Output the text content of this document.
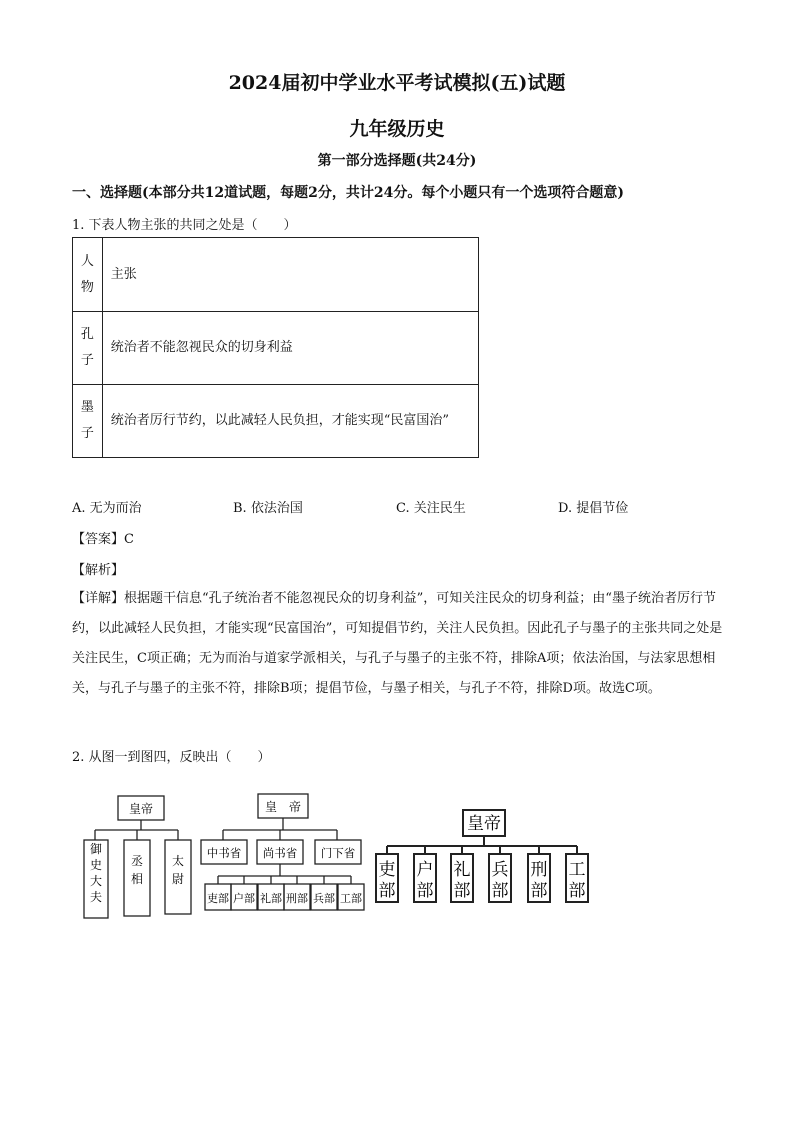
2024届初中学业水平考试模拟(五)试题
九年级历史
第一部分选择题(共24分)
一、选择题(本部分共12道试题，每题2分，共计24分。每个小题只有一个选项符合题意)
1. 下表人物主张的共同之处是（　　）
人
物	主张
孔
子	统治者不能忽视民众的切身利益
墨
子	统治者厉行节约，以此减轻人民负担，才能实现“民富国治”
A. 无为而治	B. 依法治国	C. 关注民生	D. 提倡节俭
【答案】C
【解析】
【详解】根据题干信息“孔子统治者不能忽视民众的切身利益”，可知关注民众的切身利益；由“墨子统治者厉行节约，以此减轻人民负担，才能实现“民富国治”，可知提倡节约，关注人民负担。因此孔子与墨子的主张共同之处是关注民生，C项正确；无为而治与道家学派相关，与孔子与墨子的主张不符，排除A项；依法治国，与法家思想相关，与孔子与墨子的主张不符，排除B项；提倡节俭，与墨子相关，与孔子不符，排除D项。故选C项。
2. 从图一到图四，反映出（　　）
皇帝
御史大夫
丞相
太尉
皇　帝
中书省 尚书省 门下省
吏部 户部 礼部 刑部 兵部 工部
皇帝
吏部
户部
礼部
兵部
刑部
工部
